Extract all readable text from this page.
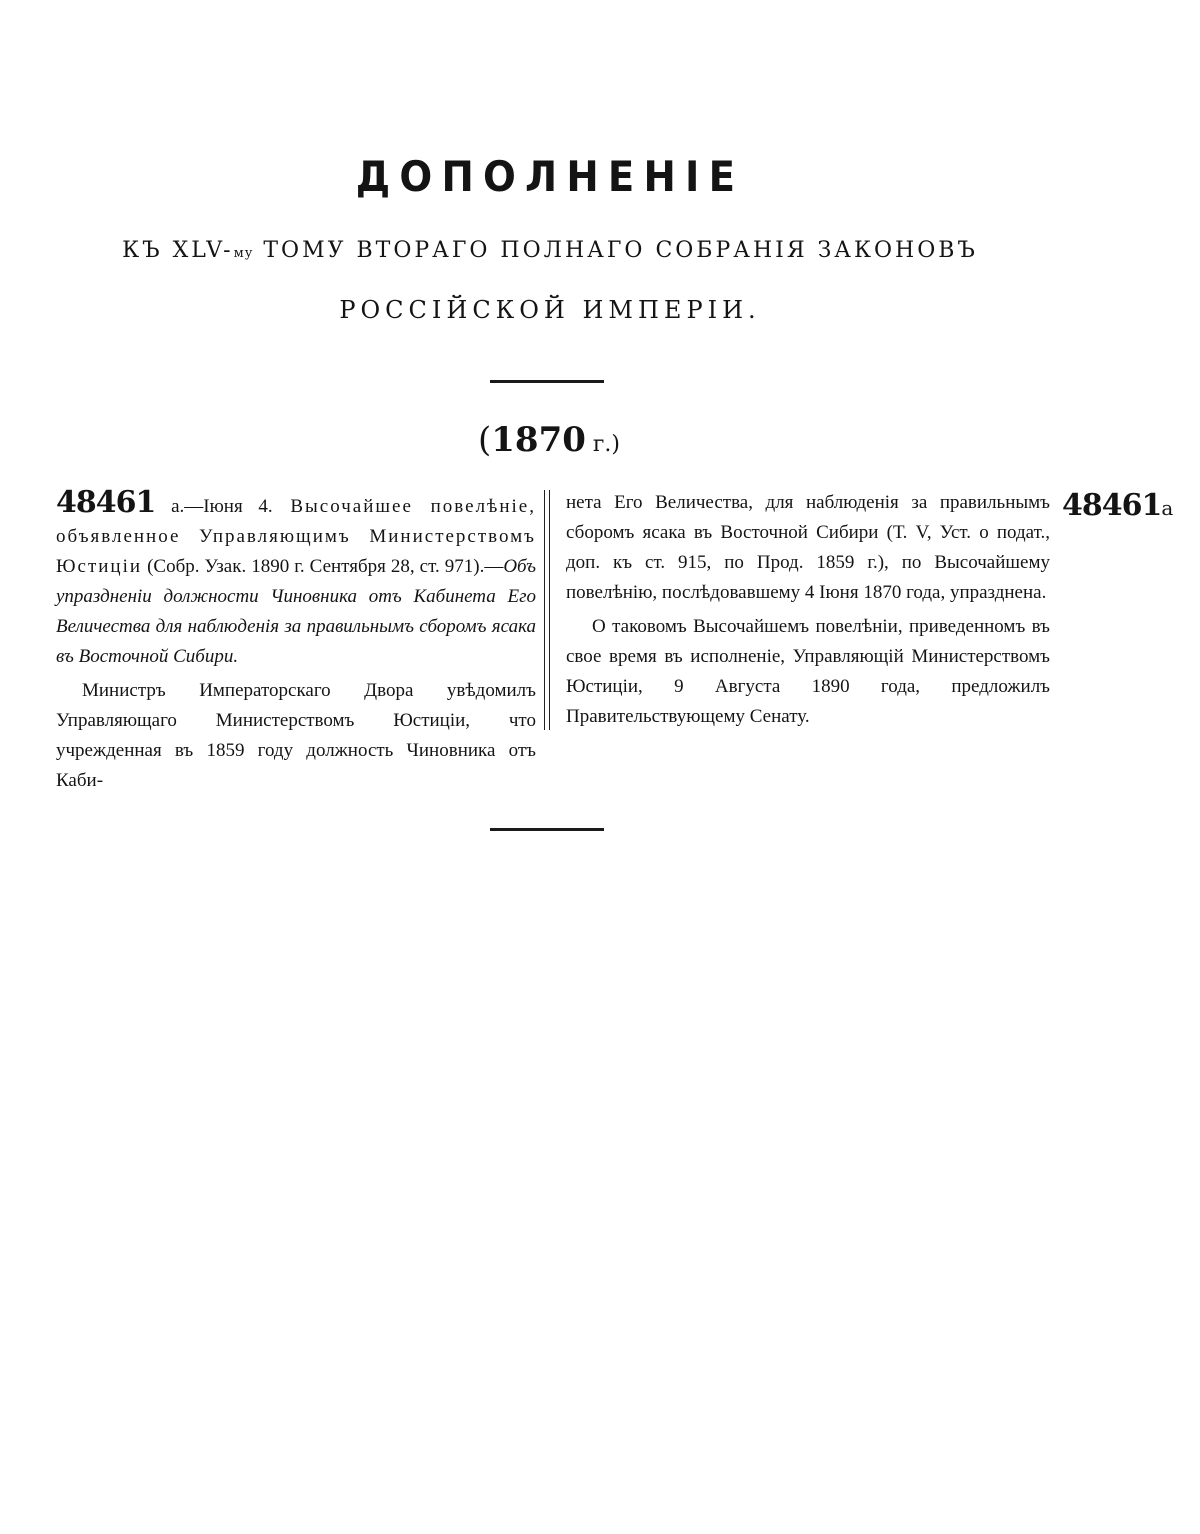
ДОПОЛНЕНІЕ
КЪ XLV-му ТОМУ ВТОРАГО ПОЛНАГО СОБРАНІЯ ЗАКОНОВЪ
РОССІЙСКОЙ ИМПЕРІИ.
(1870 г.)

48461 а.—Іюня 4. Высочайшее повелѣніе, объявленное Управляющимъ Министерствомъ Юстиціи (Собр. Узак. 1890 г. Сентября 28, ст. 971).—Объ упраздненіи должности Чиновника отъ Кабинета Его Величества для наблюденія за правильнымъ сборомъ ясака въ Восточной Сибири.

Министръ Императорскаго Двора увѣдомилъ Управляющаго Министерствомъ Юстиціи, что учрежденная въ 1859 году должность Чиновника отъ Каби-

нета Его Величества, для наблюденія за правильнымъ сборомъ ясака въ Восточной Сибири (Т. V, Уст. о подат., доп. къ ст. 915, по Прод. 1859 г.), по Высочайшему повелѣнію, послѣдовавшему 4 Іюня 1870 года, упразднена.

О таковомъ Высочайшемъ повелѣніи, приведенномъ въ свое время въ исполненіе, Управляющій Министерствомъ Юстиціи, 9 Августа 1890 года, предложилъ Правительствующему Сенату.

48461а
